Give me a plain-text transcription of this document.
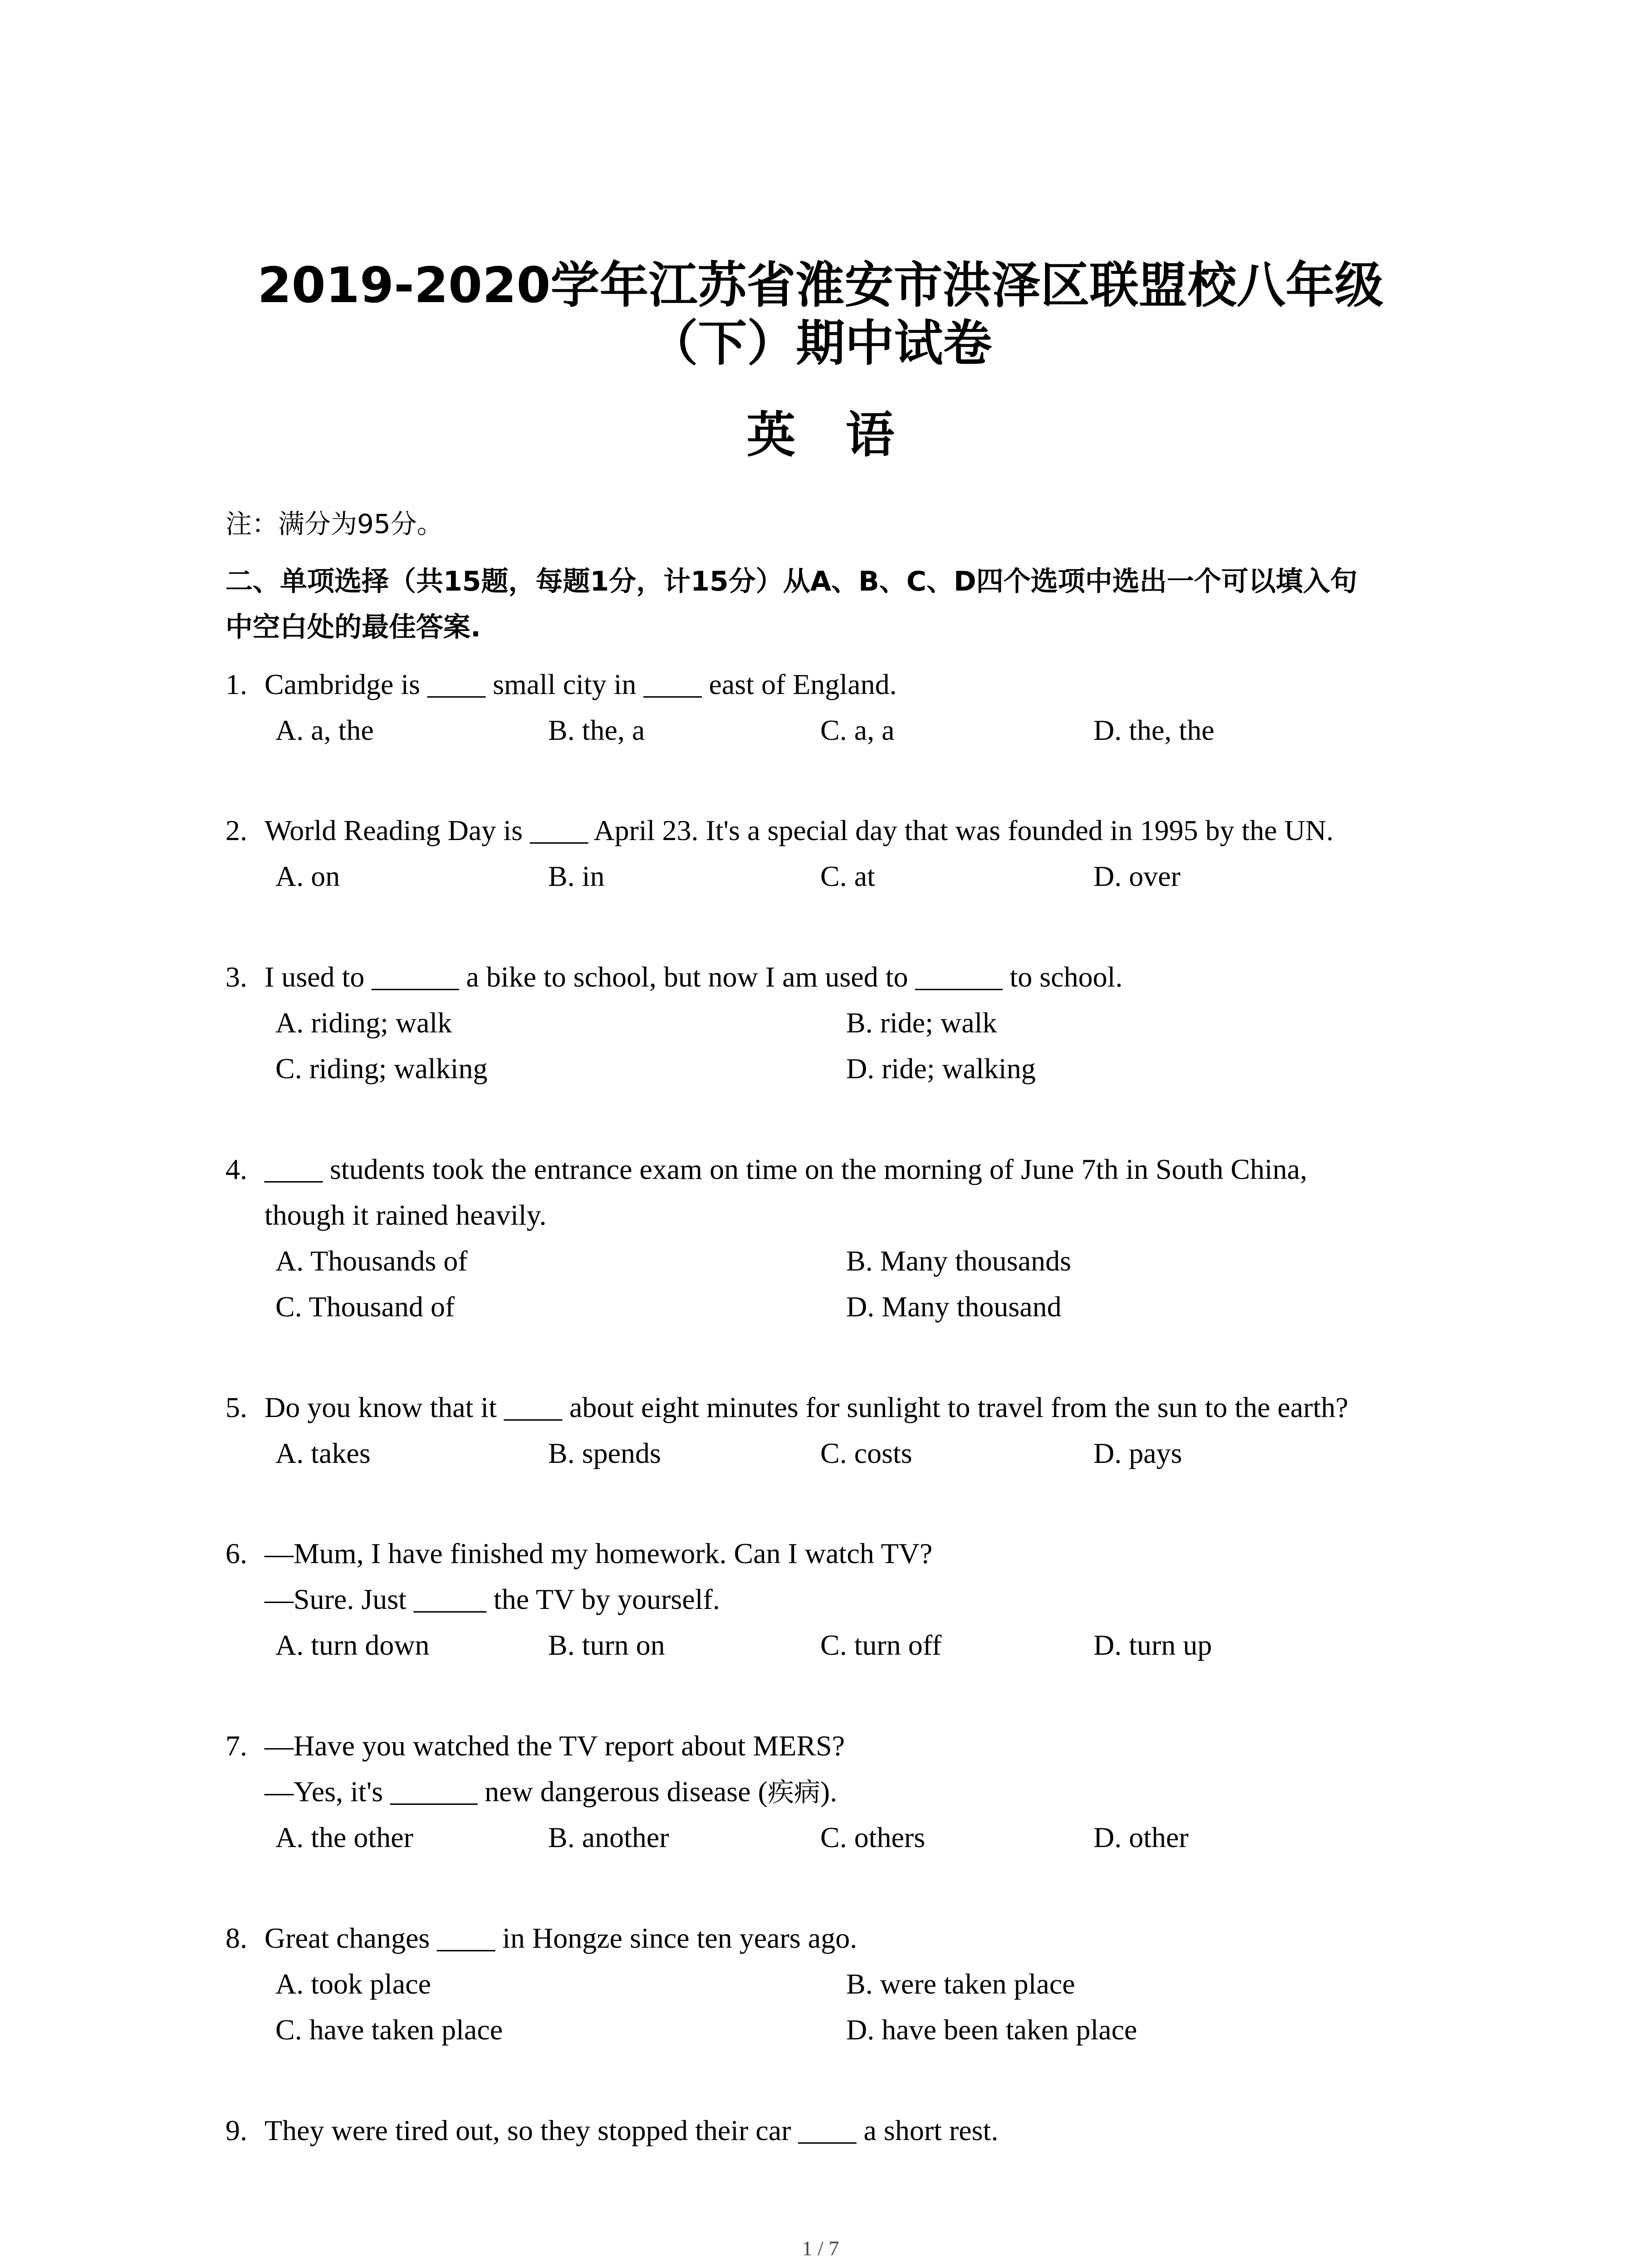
2019-2020学年江苏省淮安市洪泽区联盟校八年级
（下）期中试卷
英 语
注：满分为95分。
二、单项选择（共15题，每题1分，计15分）从A、B、C、D四个选项中选出一个可以填入句
中空白处的最佳答案.
1. Cambridge is ____ small city in ____ east of England.
A. a, the	B. the, a	C. a, a	D. the, the
2. World Reading Day is ____ April 23. It's a special day that was founded in 1995 by the UN.
A. on	B. in	C. at	D. over
3. I used to ______ a bike to school, but now I am used to ______ to school.
A. riding; walk	B. ride; walk
C. riding; walking	D. ride; walking
4. ____ students took the entrance exam on time on the morning of June 7th in South China,
though it rained heavily.
A. Thousands of	B. Many thousands
C. Thousand of	D. Many thousand
5. Do you know that it ____ about eight minutes for sunlight to travel from the sun to the earth?
A. takes	B. spends	C. costs	D. pays
6. —Mum, I have finished my homework. Can I watch TV?
—Sure. Just _____ the TV by yourself.
A. turn down	B. turn on	C. turn off	D. turn up
7. —Have you watched the TV report about MERS?
—Yes, it's ______ new dangerous disease (疾病).
A. the other	B. another	C. others	D. other
8. Great changes ____ in Hongze since ten years ago.
A. took place	B. were taken place
C. have taken place	D. have been taken place
9. They were tired out, so they stopped their car ____ a short rest.
1 / 7
